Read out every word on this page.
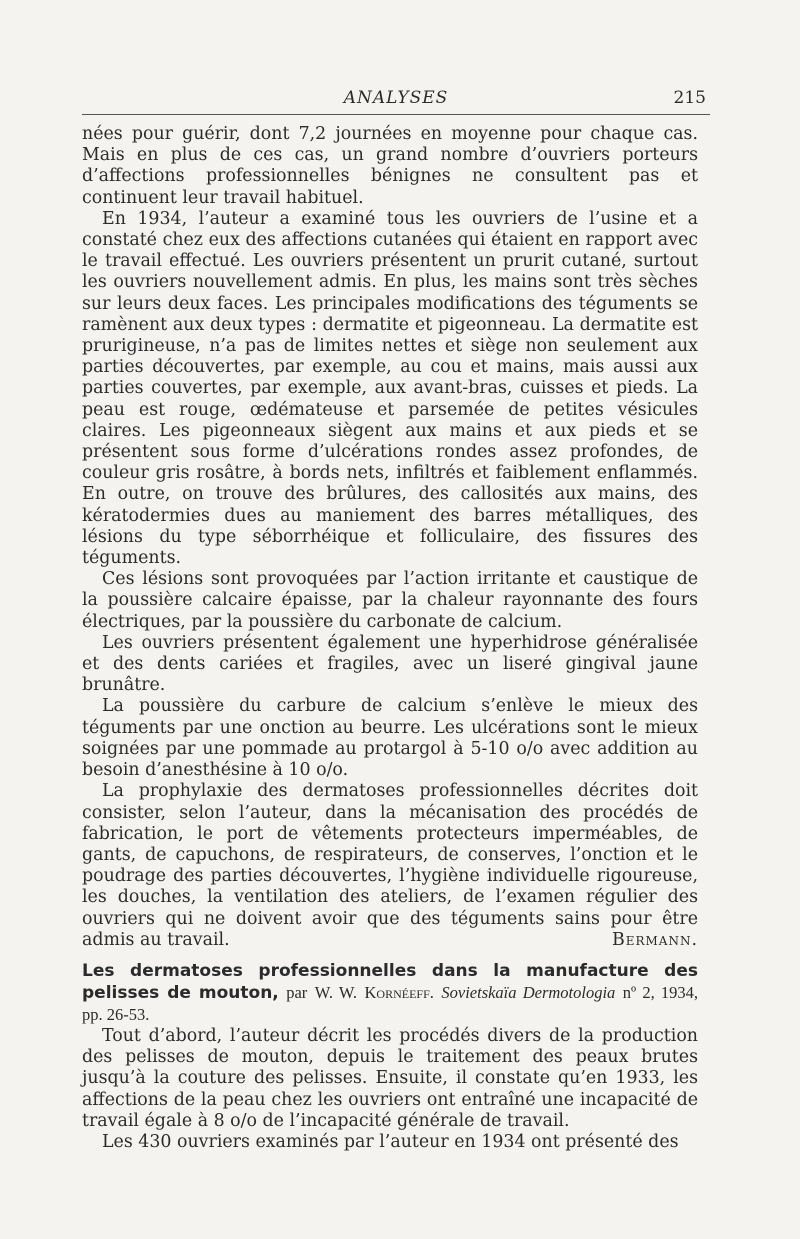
ANALYSES	215

nées pour guérir, dont 7,2 journées en moyenne pour chaque cas. Mais en plus de ces cas, un grand nombre d’ouvriers porteurs d’affections professionnelles bénignes ne consultent pas et continuent leur travail habituel.

En 1934, l’auteur a examiné tous les ouvriers de l’usine et a constaté chez eux des affections cutanées qui étaient en rapport avec le travail effectué. Les ouvriers présentent un prurit cutané, surtout les ouvriers nouvellement admis. En plus, les mains sont très sèches sur leurs deux faces. Les principales modifications des téguments se ramènent aux deux types : dermatite et pigeonneau. La dermatite est prurigineuse, n’a pas de limites nettes et siège non seulement aux parties découvertes, par exemple, au cou et mains, mais aussi aux parties couvertes, par exemple, aux avant-bras, cuisses et pieds. La peau est rouge, œdémateuse et parsemée de petites vésicules claires. Les pigeonneaux siègent aux mains et aux pieds et se présentent sous forme d’ulcérations rondes assez profondes, de couleur gris rosâtre, à bords nets, infiltrés et faiblement enflammés. En outre, on trouve des brûlures, des callosités aux mains, des kératodermies dues au maniement des barres métalliques, des lésions du type séborrhéique et folliculaire, des fissures des téguments.

Ces lésions sont provoquées par l’action irritante et caustique de la poussière calcaire épaisse, par la chaleur rayonnante des fours électriques, par la poussière du carbonate de calcium.

Les ouvriers présentent également une hyperhidrose généralisée et des dents cariées et fragiles, avec un liseré gingival jaune brunâtre.

La poussière du carbure de calcium s’enlève le mieux des téguments par une onction au beurre. Les ulcérations sont le mieux soignées par une pommade au protargol à 5-10 o/o avec addition au besoin d’anesthésine à 10 o/o.

La prophylaxie des dermatoses professionnelles décrites doit consister, selon l’auteur, dans la mécanisation des procédés de fabrication, le port de vêtements protecteurs imperméables, de gants, de capuchons, de respirateurs, de conserves, l’onction et le poudrage des parties découvertes, l’hygiène individuelle rigoureuse, les douches, la ventilation des ateliers, de l’examen régulier des ouvriers qui ne doivent avoir que des téguments sains pour être admis au travail.	Bermann.

Les dermatoses professionnelles dans la manufacture des pelisses de mouton, par W. W. Kornéeff. Sovietskaïa Dermotologia nº 2, 1934, pp. 26-53.

Tout d’abord, l’auteur décrit les procédés divers de la production des pelisses de mouton, depuis le traitement des peaux brutes jusqu’à la couture des pelisses. Ensuite, il constate qu’en 1933, les affections de la peau chez les ouvriers ont entraîné une incapacité de travail égale à 8 o/o de l’incapacité générale de travail.

Les 430 ouvriers examinés par l’auteur en 1934 ont présenté des
